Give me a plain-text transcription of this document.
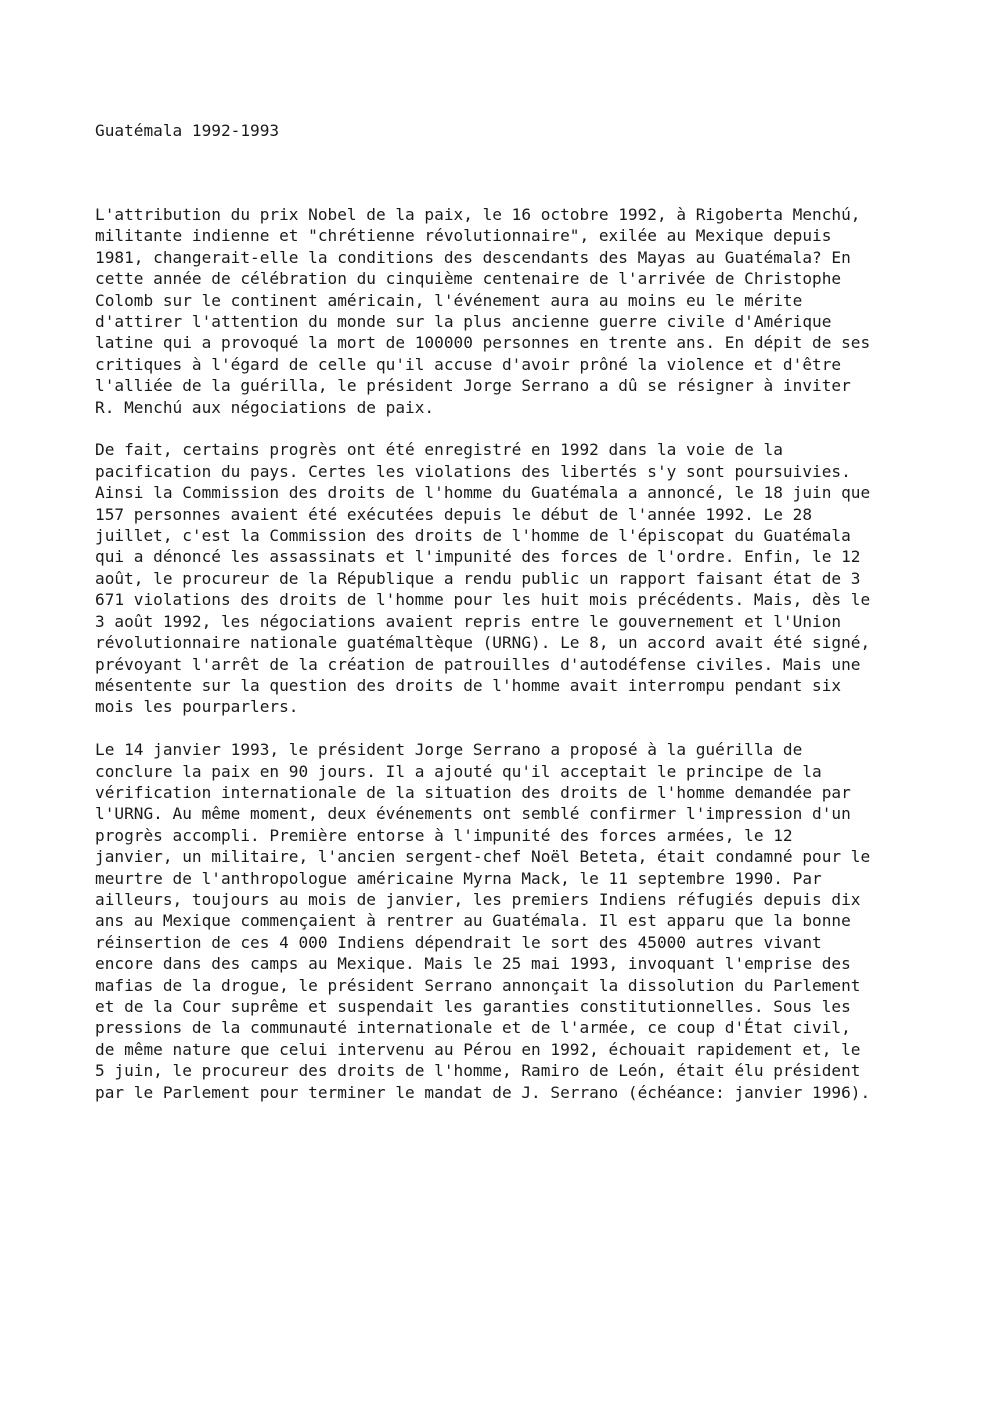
Guatémala 1992-1993

L'attribution du prix Nobel de la paix, le 16 octobre 1992, à Rigoberta Menchú,
militante indienne et "chrétienne révolutionnaire", exilée au Mexique depuis
1981, changerait-elle la conditions des descendants des Mayas au Guatémala? En
cette année de célébration du cinquième centenaire de l'arrivée de Christophe
Colomb sur le continent américain, l'événement aura au moins eu le mérite
d'attirer l'attention du monde sur la plus ancienne guerre civile d'Amérique
latine qui a provoqué la mort de 100000 personnes en trente ans. En dépit de ses
critiques à l'égard de celle qu'il accuse d'avoir prôné la violence et d'être
l'alliée de la guérilla, le président Jorge Serrano a dû se résigner à inviter
R. Menchú aux négociations de paix.

De fait, certains progrès ont été enregistré en 1992 dans la voie de la
pacification du pays. Certes les violations des libertés s'y sont poursuivies.
Ainsi la Commission des droits de l'homme du Guatémala a annoncé, le 18 juin que
157 personnes avaient été exécutées depuis le début de l'année 1992. Le 28
juillet, c'est la Commission des droits de l'homme de l'épiscopat du Guatémala
qui a dénoncé les assassinats et l'impunité des forces de l'ordre. Enfin, le 12
août, le procureur de la République a rendu public un rapport faisant état de 3
671 violations des droits de l'homme pour les huit mois précédents. Mais, dès le
3 août 1992, les négociations avaient repris entre le gouvernement et l'Union
révolutionnaire nationale guatémaltèque (URNG). Le 8, un accord avait été signé,
prévoyant l'arrêt de la création de patrouilles d'autodéfense civiles. Mais une
mésentente sur la question des droits de l'homme avait interrompu pendant six
mois les pourparlers.

Le 14 janvier 1993, le président Jorge Serrano a proposé à la guérilla de
conclure la paix en 90 jours. Il a ajouté qu'il acceptait le principe de la
vérification internationale de la situation des droits de l'homme demandée par
l'URNG. Au même moment, deux événements ont semblé confirmer l'impression d'un
progrès accompli. Première entorse à l'impunité des forces armées, le 12
janvier, un militaire, l'ancien sergent-chef Noël Beteta, était condamné pour le
meurtre de l'anthropologue américaine Myrna Mack, le 11 septembre 1990. Par
ailleurs, toujours au mois de janvier, les premiers Indiens réfugiés depuis dix
ans au Mexique commençaient à rentrer au Guatémala. Il est apparu que la bonne
réinsertion de ces 4 000 Indiens dépendrait le sort des 45000 autres vivant
encore dans des camps au Mexique. Mais le 25 mai 1993, invoquant l'emprise des
mafias de la drogue, le président Serrano annonçait la dissolution du Parlement
et de la Cour suprême et suspendait les garanties constitutionnelles. Sous les
pressions de la communauté internationale et de l'armée, ce coup d'État civil,
de même nature que celui intervenu au Pérou en 1992, échouait rapidement et, le
5 juin, le procureur des droits de l'homme, Ramiro de León, était élu président
par le Parlement pour terminer le mandat de J. Serrano (échéance: janvier 1996).
